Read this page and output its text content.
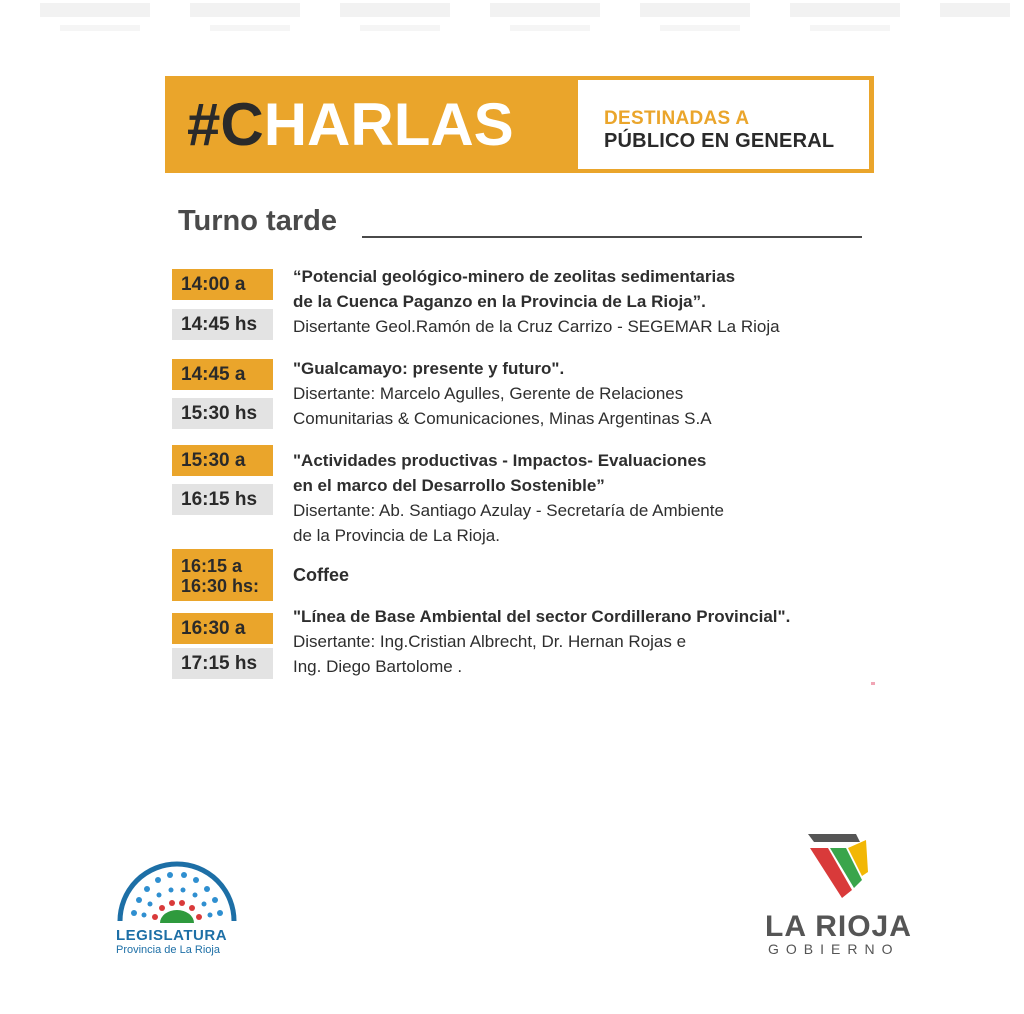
#CHARLAS	DESTINADAS A
PÚBLICO EN GENERAL
Turno tarde
14:00 a
14:45 hs
“Potencial geológico-minero de zeolitas sedimentarias
de la Cuenca Paganzo en la Provincia de La Rioja”.
Disertante Geol.Ramón de la Cruz Carrizo - SEGEMAR La Rioja
14:45 a
15:30 hs
"Gualcamayo: presente y futuro".
Disertante: Marcelo Agulles, Gerente de Relaciones
Comunitarias & Comunicaciones, Minas Argentinas S.A
15:30 a
16:15 hs
"Actividades productivas - Impactos- Evaluaciones
en el marco del Desarrollo Sostenible”
Disertante: Ab. Santiago Azulay - Secretaría de Ambiente
de la Provincia de La Rioja.
16:15 a
16:30 hs:
Coffee
16:30 a
17:15 hs
"Línea de Base Ambiental del sector Cordillerano Provincial".
Disertante: Ing.Cristian Albrecht, Dr. Hernan Rojas e
Ing. Diego Bartolome .
LEGISLATURA
Provincia de La Rioja
LA RIOJA
GOBIERNO
